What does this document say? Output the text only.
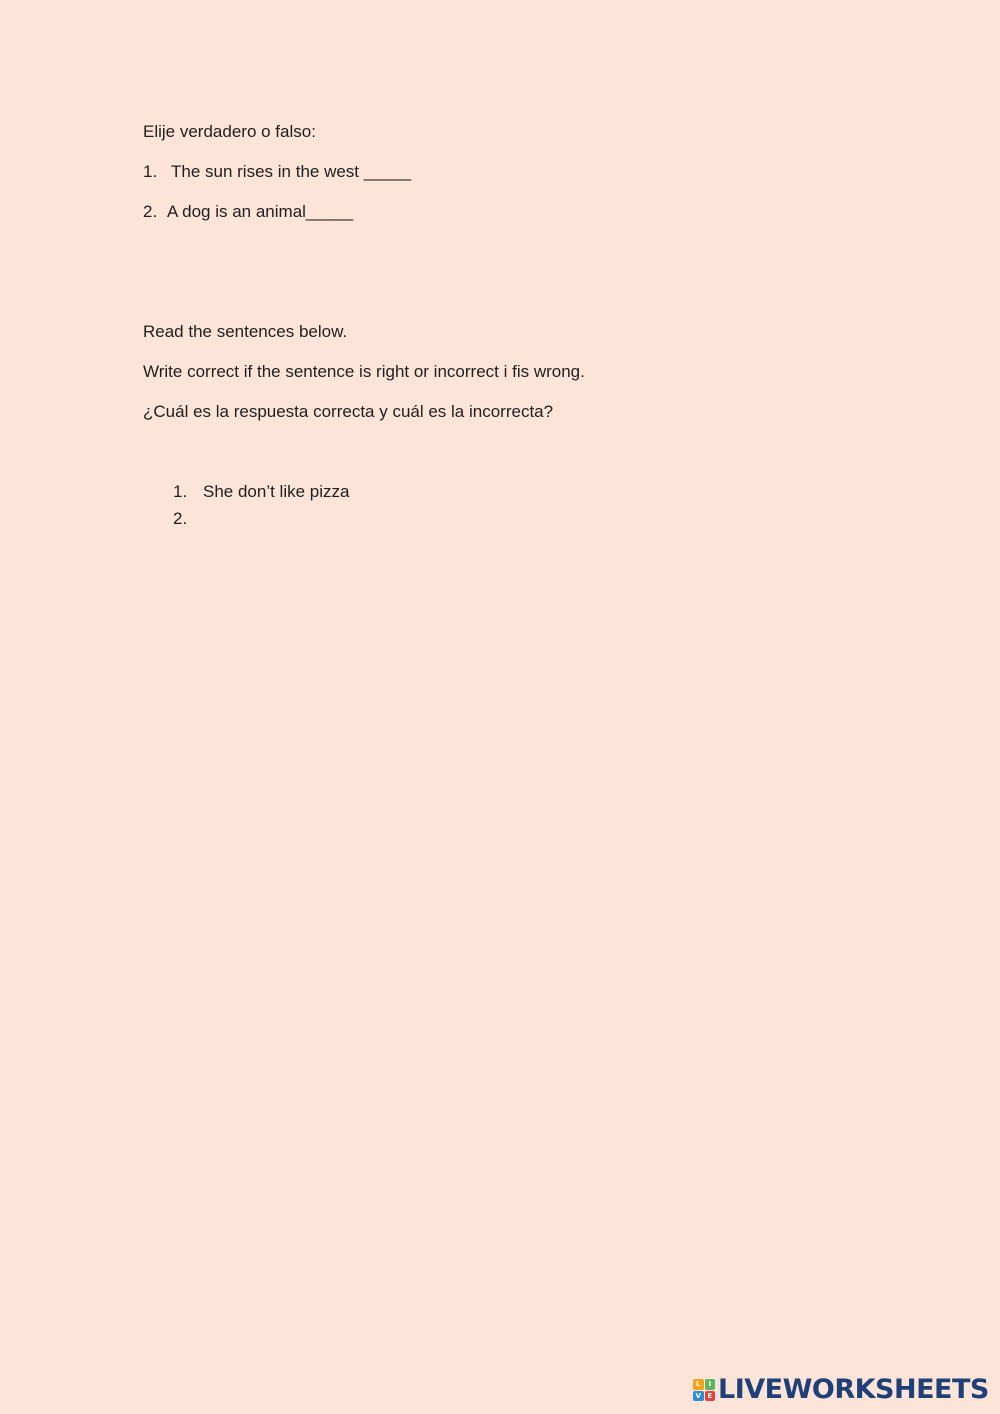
Elije verdadero o falso:
1. The sun rises in the west _____
2. A dog is an animal_____
Read the sentences below.
Write correct if the sentence is right or incorrect i fis wrong.
¿Cuál es la respuesta correcta y cuál es la incorrecta?
1. She don’t like pizza
2.
L	I
V E LIVEWORKSHEETS
